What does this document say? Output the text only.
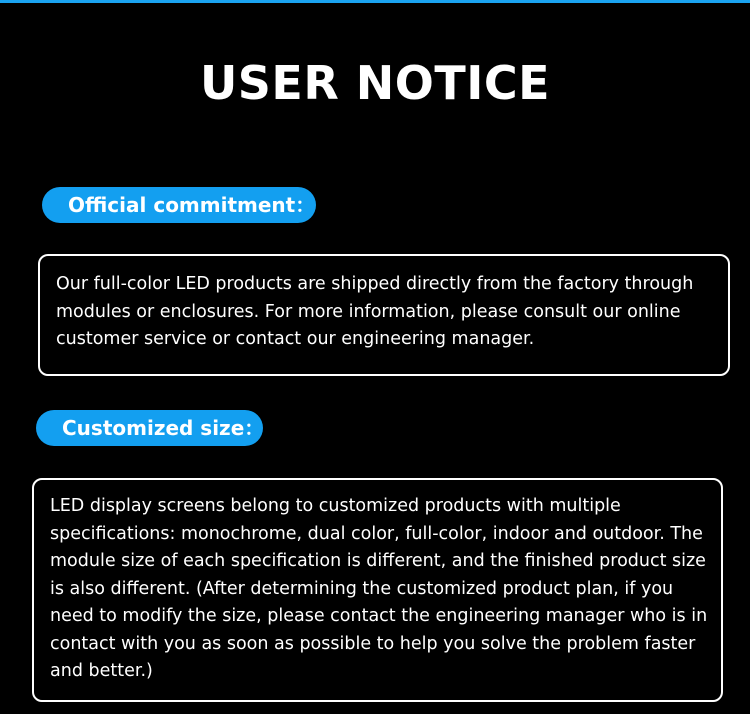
USER NOTICE
Official commitment：

Our full-color LED products are shipped directly from the factory through modules or enclosures. For more information, please consult our online customer service or contact our engineering manager.

Customized size：

LED display screens belong to customized products with multiple specifications: monochrome, dual color, full-color, indoor and outdoor. The module size of each specification is different, and the finished product size is also different. (After determining the customized product plan, if you need to modify the size, please contact the engineering manager who is in contact with you as soon as possible to help you solve the problem faster and better.)
